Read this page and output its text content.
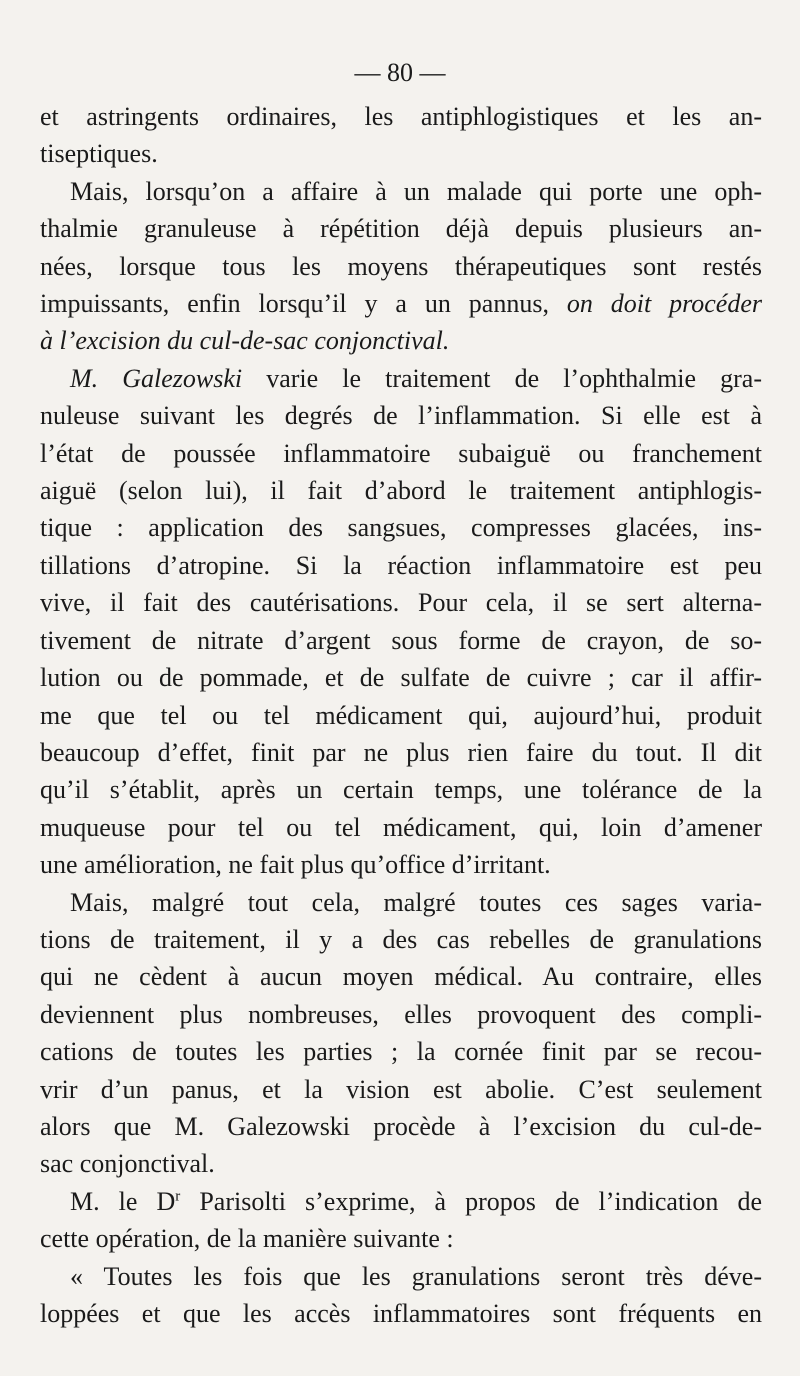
— 80 —
et astringents ordinaires, les antiphlogistiques et les an-
tiseptiques.
Mais, lorsqu’on a affaire à un malade qui porte une oph-
thalmie granuleuse à répétition déjà depuis plusieurs an-
nées, lorsque tous les moyens thérapeutiques sont restés
impuissants, enfin lorsqu’il y a un pannus, on doit procéder
à l’excision du cul-de-sac conjonctival.
M. Galezowski varie le traitement de l’ophthalmie gra-
nuleuse suivant les degrés de l’inflammation. Si elle est à
l’état de poussée inflammatoire subaiguë ou franchement
aiguë (selon lui), il fait d’abord le traitement antiphlogis-
tique : application des sangsues, compresses glacées, ins-
tillations d’atropine. Si la réaction inflammatoire est peu
vive, il fait des cautérisations. Pour cela, il se sert alterna-
tivement de nitrate d’argent sous forme de crayon, de so-
lution ou de pommade, et de sulfate de cuivre ; car il affir-
me que tel ou tel médicament qui, aujourd’hui, produit
beaucoup d’effet, finit par ne plus rien faire du tout. Il dit
qu’il s’établit, après un certain temps, une tolérance de la
muqueuse pour tel ou tel médicament, qui, loin d’amener
une amélioration, ne fait plus qu’office d’irritant.
Mais, malgré tout cela, malgré toutes ces sages varia-
tions de traitement, il y a des cas rebelles de granulations
qui ne cèdent à aucun moyen médical. Au contraire, elles
deviennent plus nombreuses, elles provoquent des compli-
cations de toutes les parties ; la cornée finit par se recou-
vrir d’un panus, et la vision est abolie. C’est seulement
alors que M. Galezowski procède à l’excision du cul-de-
sac conjonctival.
M. le $D^r$ Parisolti s’exprime, à propos de l’indication de
cette opération, de la manière suivante :
« Toutes les fois que les granulations seront très déve-
loppées et que les accès inflammatoires sont fréquents en
